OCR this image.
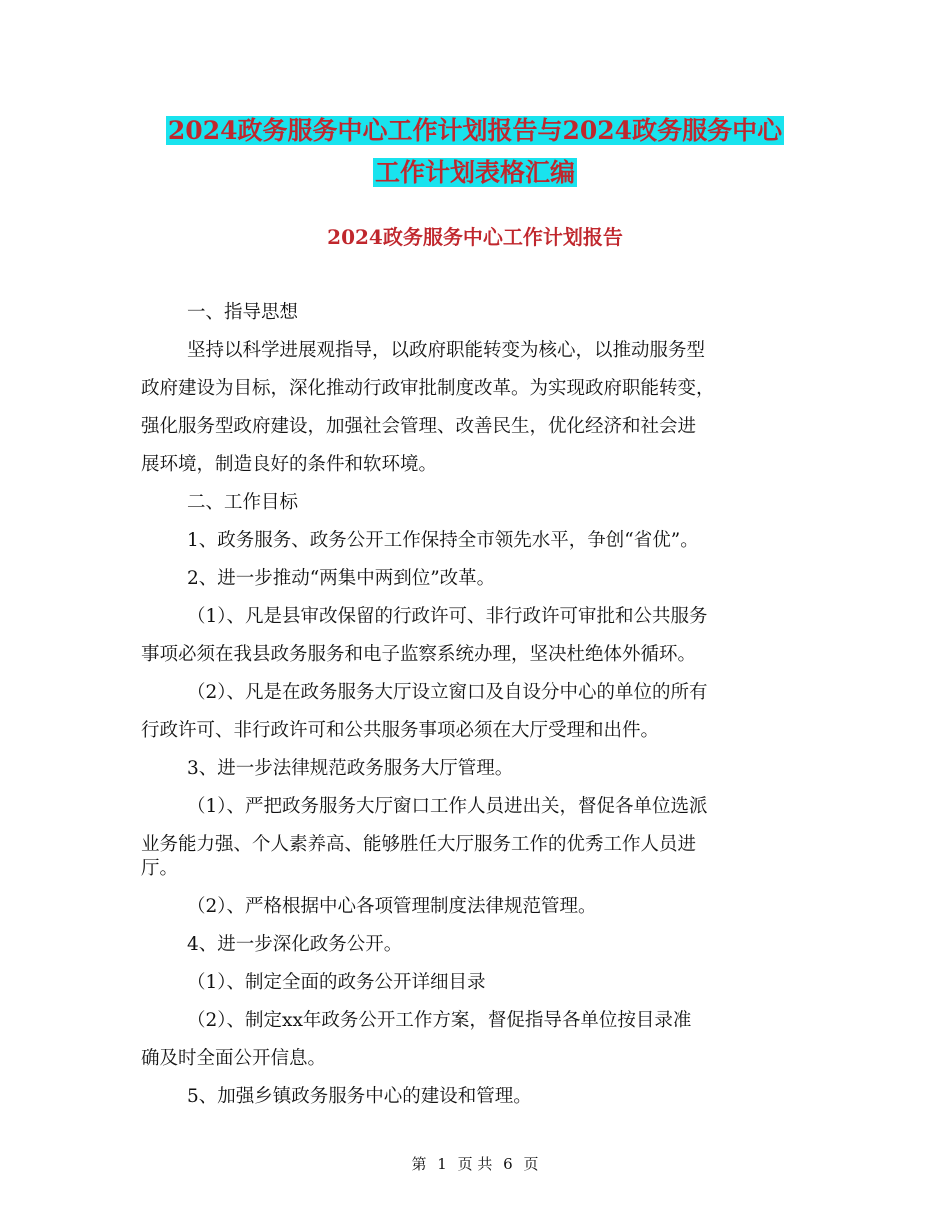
2024政务服务中心工作计划报告与2024政务服务中心
工作计划表格汇编
2024政务服务中心工作计划报告
一、指导思想
坚持以科学进展观指导，以政府职能转变为核心，以推动服务型
政府建设为目标，深化推动行政审批制度改革。为实现政府职能转变，
强化服务型政府建设，加强社会管理、改善民生，优化经济和社会进
展环境，制造良好的条件和软环境。
二、工作目标
1、政务服务、政务公开工作保持全市领先水平，争创“省优”。
2、进一步推动“两集中两到位”改革。
（1）、凡是县审改保留的行政许可、非行政许可审批和公共服务
事项必须在我县政务服务和电子监察系统办理，坚决杜绝体外循环。
（2）、凡是在政务服务大厅设立窗口及自设分中心的单位的所有
行政许可、非行政许可和公共服务事项必须在大厅受理和出件。
3、进一步法律规范政务服务大厅管理。
（1）、严把政务服务大厅窗口工作人员进出关，督促各单位选派
业务能力强、个人素养高、能够胜任大厅服务工作的优秀工作人员进
厅。
（2）、严格根据中心各项管理制度法律规范管理。
4、进一步深化政务公开。
（1）、制定全面的政务公开详细目录
（2）、制定xx年政务公开工作方案，督促指导各单位按目录准
确及时全面公开信息。
5、加强乡镇政务服务中心的建设和管理。
第 1 页 共 6 页
